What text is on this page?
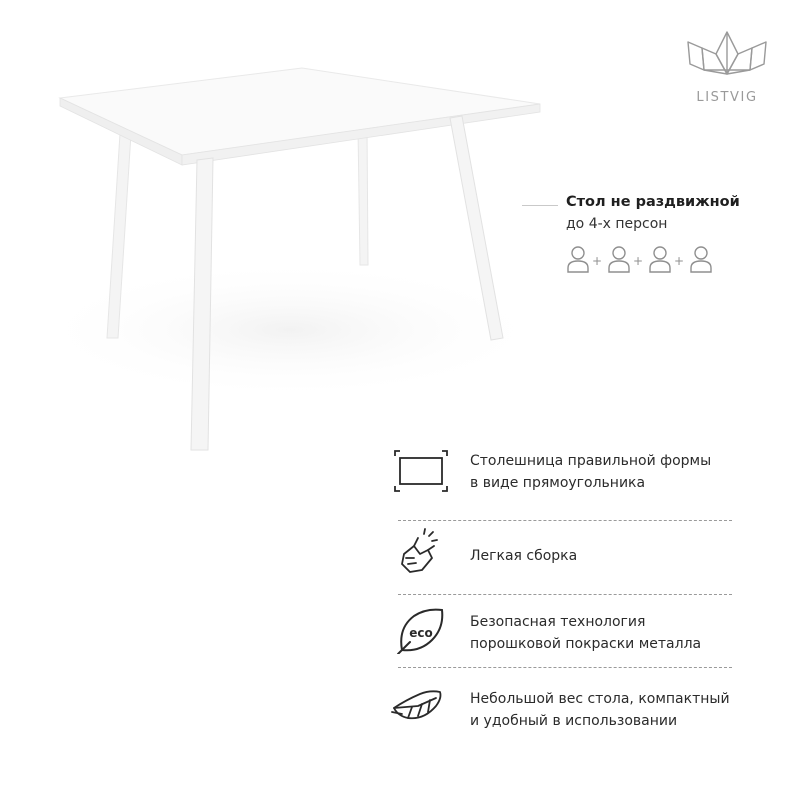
LISTVIG
Стол не раздвижной
до 4-х персон
+	+	+
Столешница правильной формы
в виде прямоугольника
Легкая сборка
eco
Безопасная технология
порошковой покраски металла
Небольшой вес стола, компактный
и удобный в использовании
